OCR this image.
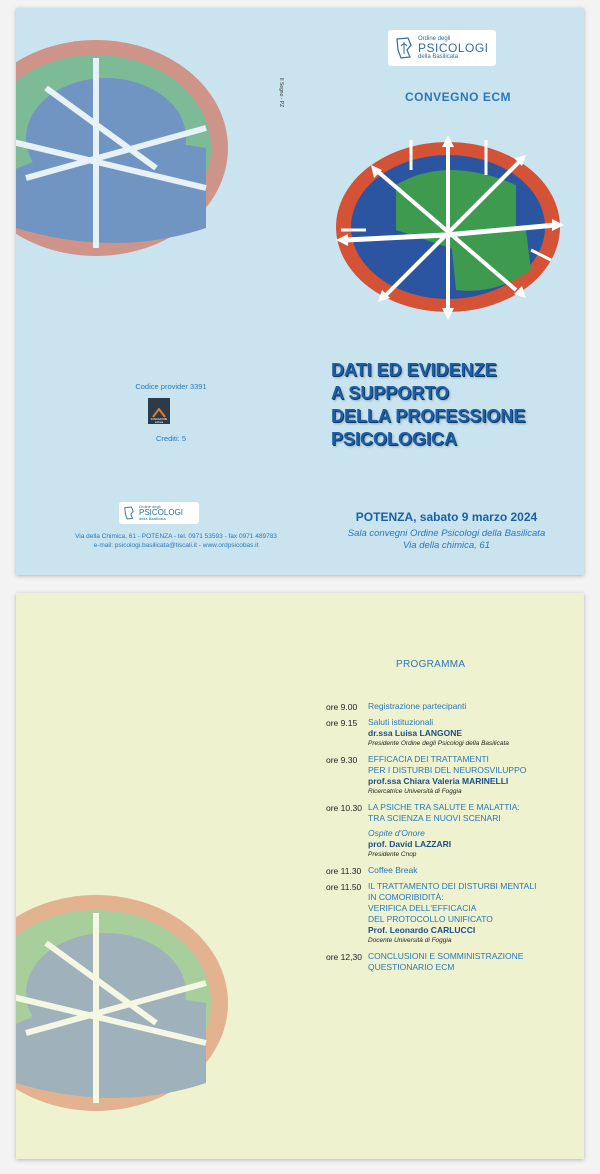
Ordine degli
PSICOLOGI
della Basilicata
CONVEGNO ECM
Il Segno - PZ
DATI ED EVIDENZE
A SUPPORTO
DELLA PROFESSIONE
PSICOLOGICA
POTENZA, sabato 9 marzo 2024
Sala convegni Ordine Psicologi della Basilicata
Via della chimica, 61
Codice provider 3391
FONDAZIONE antheia
Crediti: 5
Ordine degli
PSICOLOGI
della Basilicata
Via della Chimica, 61 - POTENZA - tel. 0971 53593 - fax 0971 489783
e-mail: psicologi.basilicata@tiscali.it - www.ordpsicobas.it
PROGRAMMA
ore 9.00	Registrazione partecipanti
ore 9.15	Saluti istituzionali
dr.ssa Luisa LANGONE
Presidente Ordine degli Psicologi della Basilicata
ore 9.30	EFFICACIA DEI TRATTAMENTI
PER I DISTURBI DEL NEUROSVILUPPO
prof.ssa Chiara Valeria MARINELLI
Ricercatrice Università di Foggia
ore 10.30 LA PSICHE TRA SALUTE E MALATTIA:
TRA SCIENZA E NUOVI SCENARI
Ospite d'Onore
prof. David LAZZARI
Presidente Cnop
ore 11.30 Coffee Break
ore 11.50 IL TRATTAMENTO DEI DISTURBI MENTALI
IN COMORIBIDITÀ:
VERIFICA DELL'EFFICACIA
DEL PROTOCOLLO UNIFICATO
Prof. Leonardo CARLUCCI
Docente Università di Foggia
ore 12,30 CONCLUSIONI E SOMMINISTRAZIONE
QUESTIONARIO ECM
